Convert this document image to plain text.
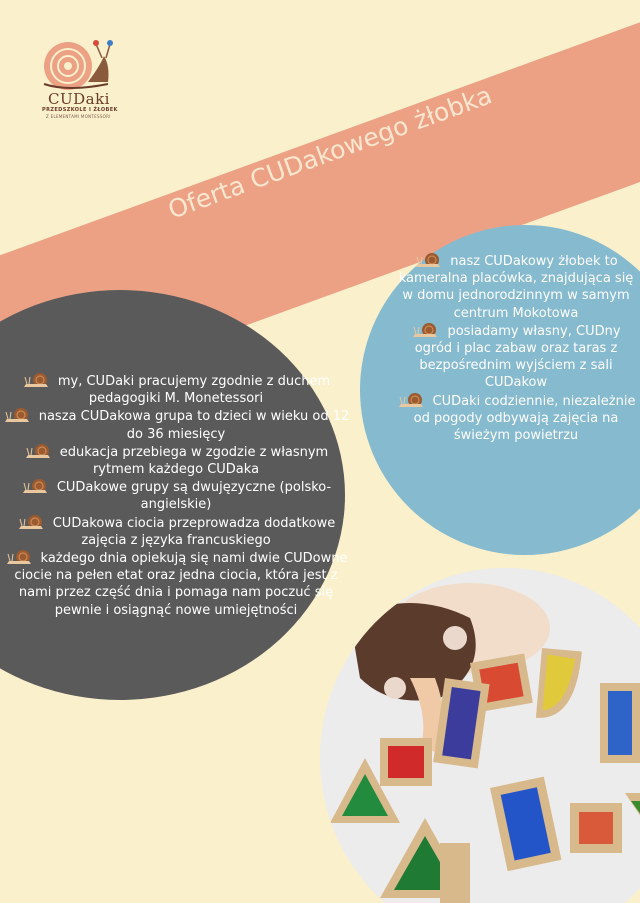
Oferta CUDakowego żłobka
CUDaki
PRZEDSZKOLE I ŻŁOBEK
Z ELEMENTAMI MONTESSORI
nasz CUDakowy żłobek to kameralna placówka, znajdująca się w domu jednorodzinnym w samym centrum Mokotowa
posiadamy własny, CUDny ogród i plac zabaw oraz taras z bezpośrednim wyjściem z sali CUDakow
CUDaki codziennie, niezależnie od pogody odbywają zajęcia na świeżym powietrzu
my, CUDaki pracujemy zgodnie z duchem pedagogiki M. Monetessori
nasza CUDakowa grupa to dzieci w wieku od 12 do 36 miesięcy
edukacja przebiega w zgodzie z własnym rytmem każdego CUDaka
CUDakowe grupy są dwujęzyczne (polsko-angielskie)
CUDakowa ciocia przeprowadza dodatkowe zajęcia z języka francuskiego
każdego dnia opiekują się nami dwie CUDowne ciocie na pełen etat oraz jedna ciocia, która jest z nami przez część dnia i pomaga nam poczuć się pewnie i osiągnąć nowe umiejętności
